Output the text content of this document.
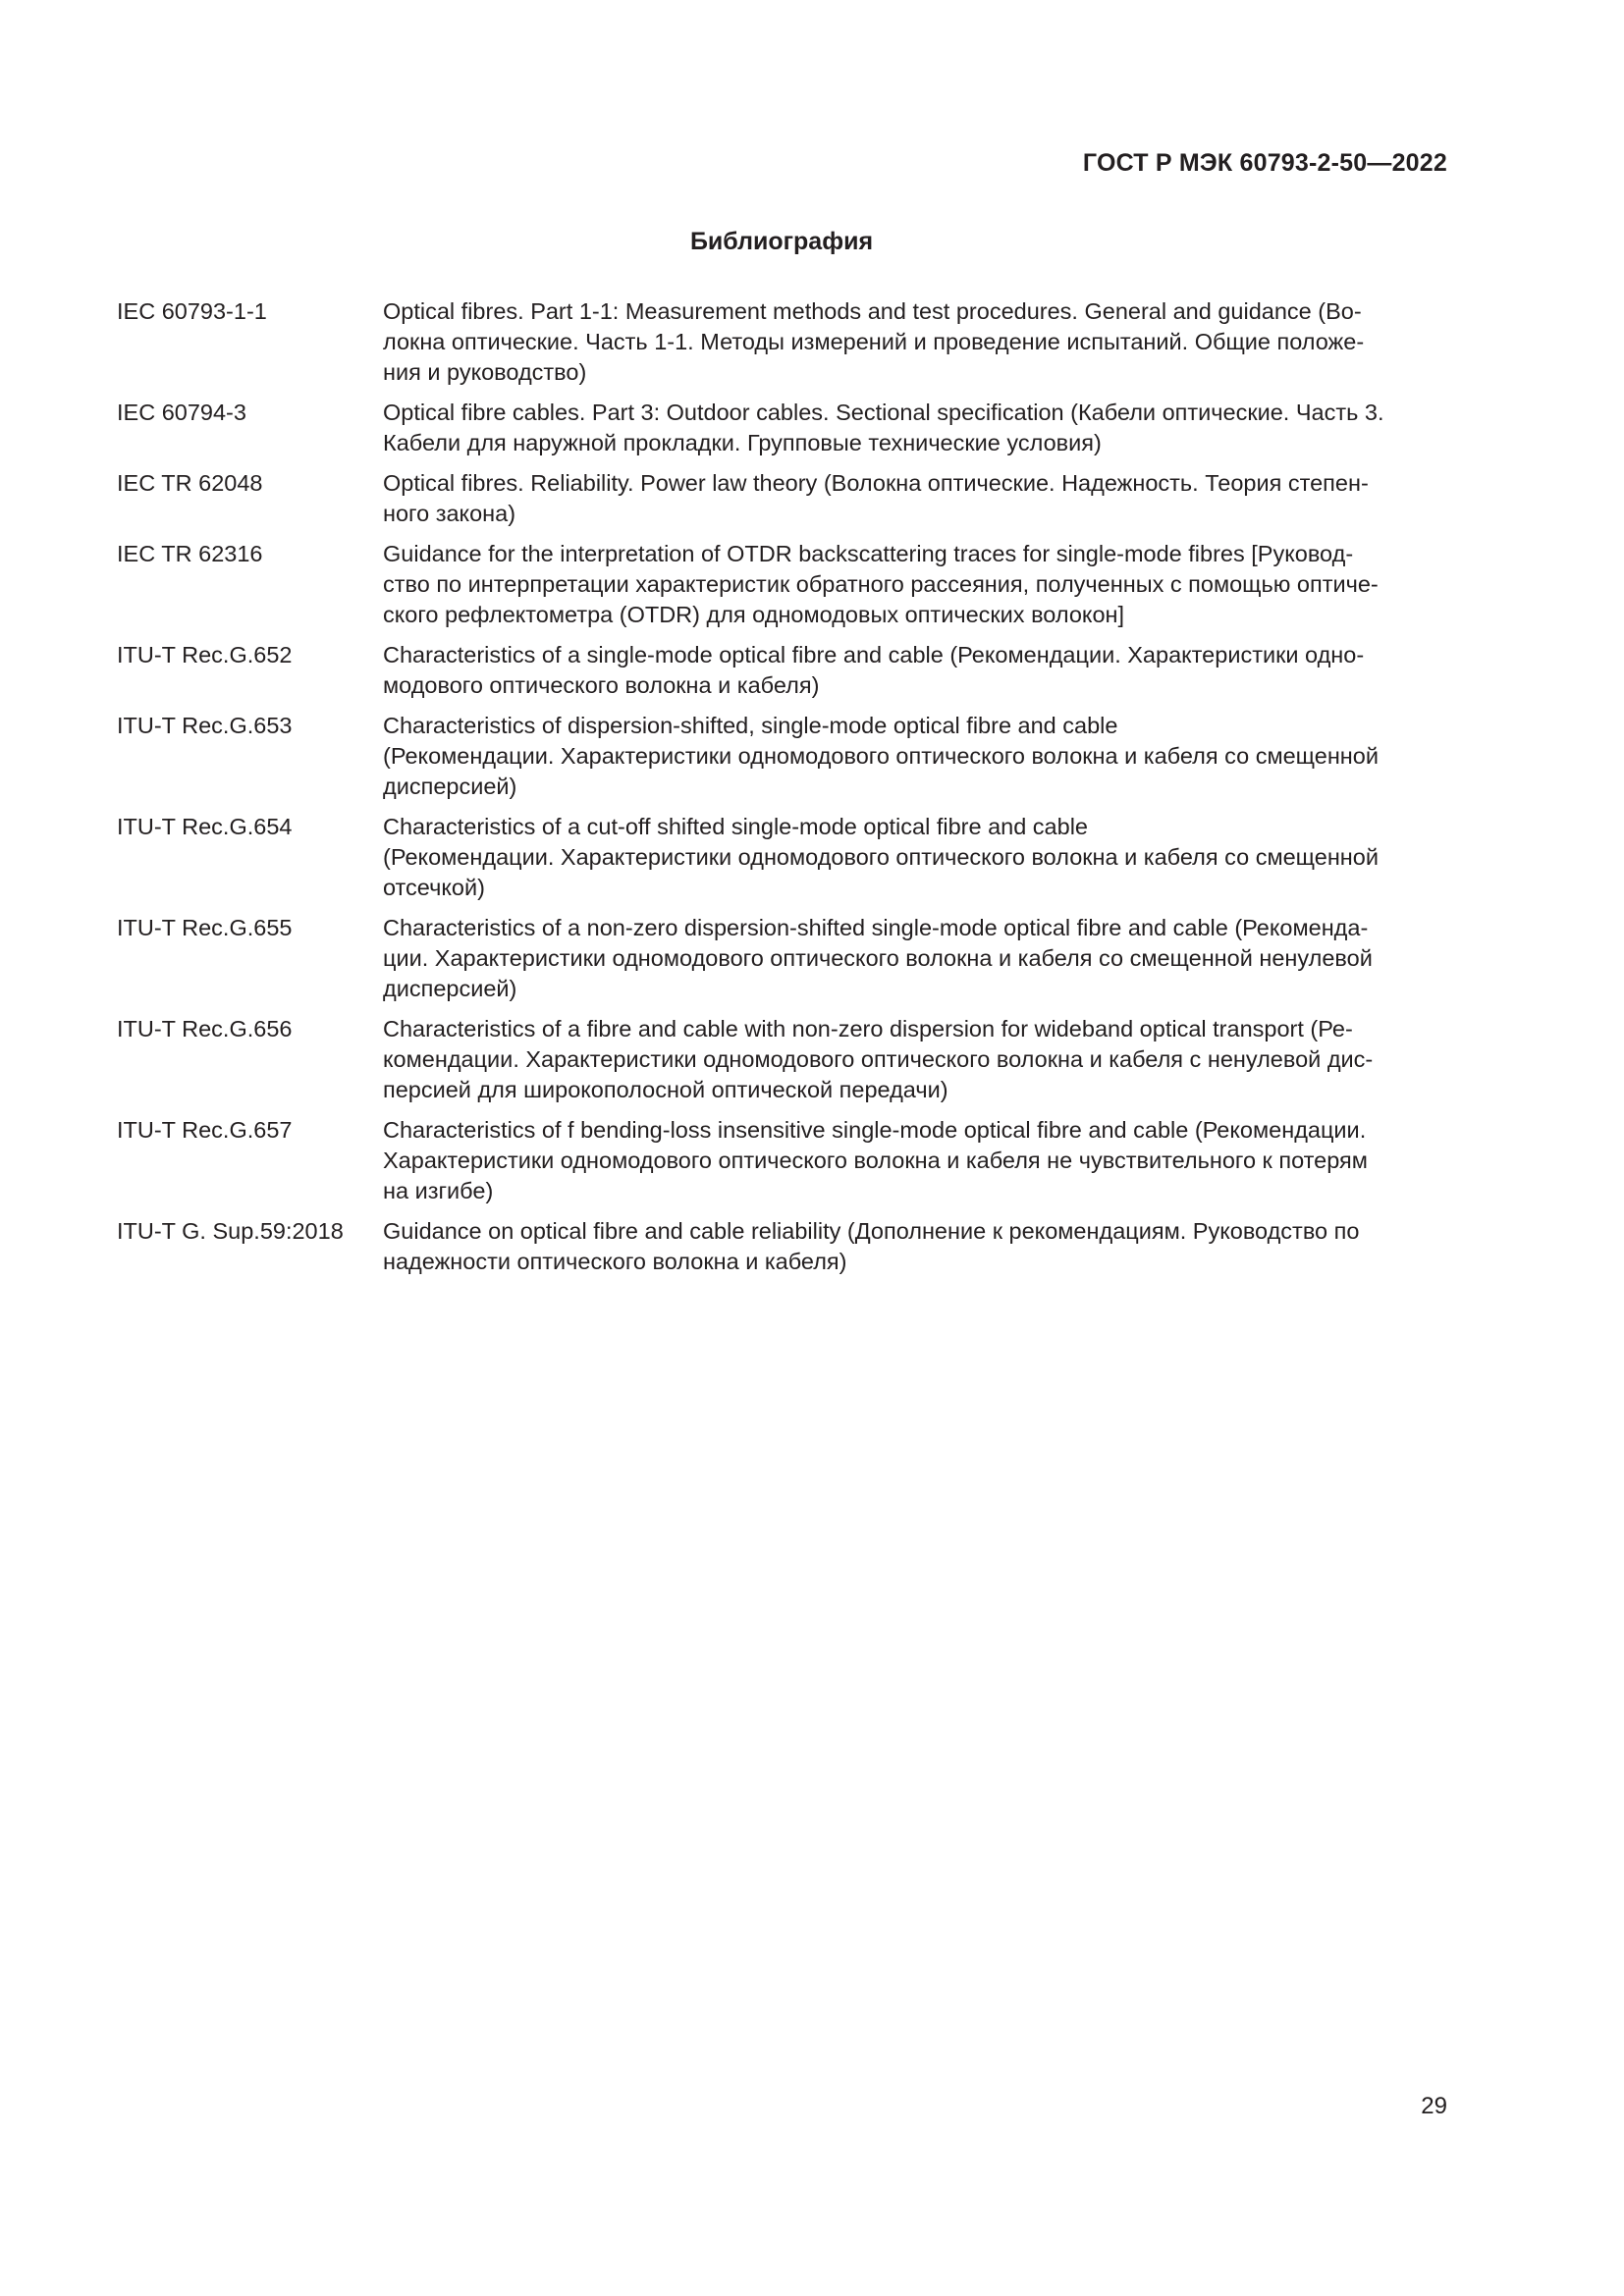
ГОСТ Р МЭК 60793-2-50—2022
Библиография
IEC 60793-1-1	Optical fibres. Part 1-1: Measurement methods and test procedures. General and guidance (Во-
локна оптические. Часть 1-1. Методы измерений и проведение испытаний. Общие положе-
ния и руководство)
IEC 60794-3	Optical fibre cables. Part 3: Outdoor cables. Sectional specification (Кабели оптические. Часть 3.
Кабели для наружной прокладки. Групповые технические условия)
IEC TR 62048	Optical fibres. Reliability. Power law theory (Волокна оптические. Надежность. Теория степен-
ного закона)
IEC TR 62316	Guidance for the interpretation of OTDR backscattering traces for single-mode fibres [Руковод-
ство по интерпретации характеристик обратного рассеяния, полученных с помощью оптиче-
ского рефлектометра (OTDR) для одномодовых оптических волокон]
ITU-T Rec.G.652	Characteristics of a single-mode optical fibre and cable (Рекомендации. Характеристики одно-
модового оптического волокна и кабеля)
ITU-T Rec.G.653	Characteristics of dispersion-shifted, single-mode optical fibre and cable
(Рекомендации. Характеристики одномодового оптического волокна и кабеля со смещенной
дисперсией)
ITU-T Rec.G.654	Characteristics of a cut-off shifted single-mode optical fibre and cable
(Рекомендации. Характеристики одномодового оптического волокна и кабеля со смещенной
отсечкой)
ITU-T Rec.G.655	Characteristics of a non-zero dispersion-shifted single-mode optical fibre and cable (Рекоменда-
ции. Характеристики одномодового оптического волокна и кабеля со смещенной ненулевой
дисперсией)
ITU-T Rec.G.656	Characteristics of a fibre and cable with non-zero dispersion for wideband optical transport (Ре-
комендации. Характеристики одномодового оптического волокна и кабеля с ненулевой дис-
персией для широкополосной оптической передачи)
ITU-T Rec.G.657	Characteristics of f bending-loss insensitive single-mode optical fibre and cable (Рекомендации.
Характеристики одномодового оптического волокна и кабеля не чувствительного к потерям
на изгибе)
ITU-T G. Sup.59:2018	Guidance on optical fibre and cable reliability (Дополнение к рекомендациям. Руководство по
надежности оптического волокна и кабеля)
29
